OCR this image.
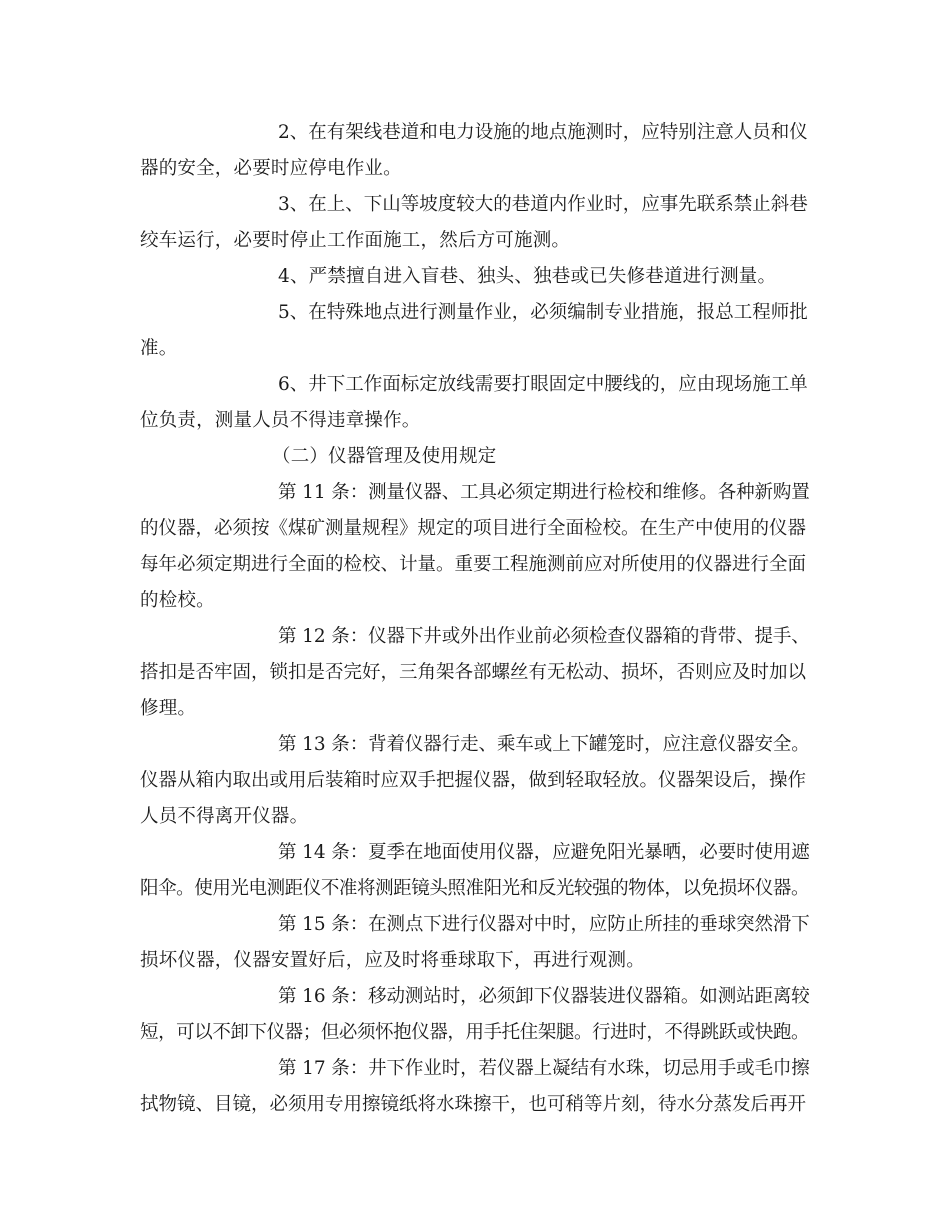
2、在有架线巷道和电力设施的地点施测时，应特别注意人员和仪
器的安全，必要时应停电作业。
3、在上、下山等坡度较大的巷道内作业时，应事先联系禁止斜巷
绞车运行，必要时停止工作面施工，然后方可施测。
4、严禁擅自进入盲巷、独头、独巷或已失修巷道进行测量。
5、在特殊地点进行测量作业，必须编制专业措施，报总工程师批
准。
6、井下工作面标定放线需要打眼固定中腰线的，应由现场施工单
位负责，测量人员不得违章操作。
（二）仪器管理及使用规定
第 11 条：测量仪器、工具必须定期进行检校和维修。各种新购置
的仪器，必须按《煤矿测量规程》规定的项目进行全面检校。在生产中使用的仪器
每年必须定期进行全面的检校、计量。重要工程施测前应对所使用的仪器进行全面
的检校。
第 12 条：仪器下井或外出作业前必须检查仪器箱的背带、提手、
搭扣是否牢固，锁扣是否完好，三角架各部螺丝有无松动、损坏，否则应及时加以
修理。
第 13 条：背着仪器行走、乘车或上下罐笼时，应注意仪器安全。
仪器从箱内取出或用后装箱时应双手把握仪器，做到轻取轻放。仪器架设后，操作
人员不得离开仪器。
第 14 条：夏季在地面使用仪器，应避免阳光暴晒，必要时使用遮
阳伞。使用光电测距仪不准将测距镜头照准阳光和反光较强的物体，以免损坏仪器。
第 15 条：在测点下进行仪器对中时，应防止所挂的垂球突然滑下
损坏仪器，仪器安置好后，应及时将垂球取下，再进行观测。
第 16 条：移动测站时，必须卸下仪器装进仪器箱。如测站距离较
短，可以不卸下仪器；但必须怀抱仪器，用手托住架腿。行进时，不得跳跃或快跑。
第 17 条：井下作业时，若仪器上凝结有水珠，切忌用手或毛巾擦
拭物镜、目镜，必须用专用擦镜纸将水珠擦干，也可稍等片刻，待水分蒸发后再开
